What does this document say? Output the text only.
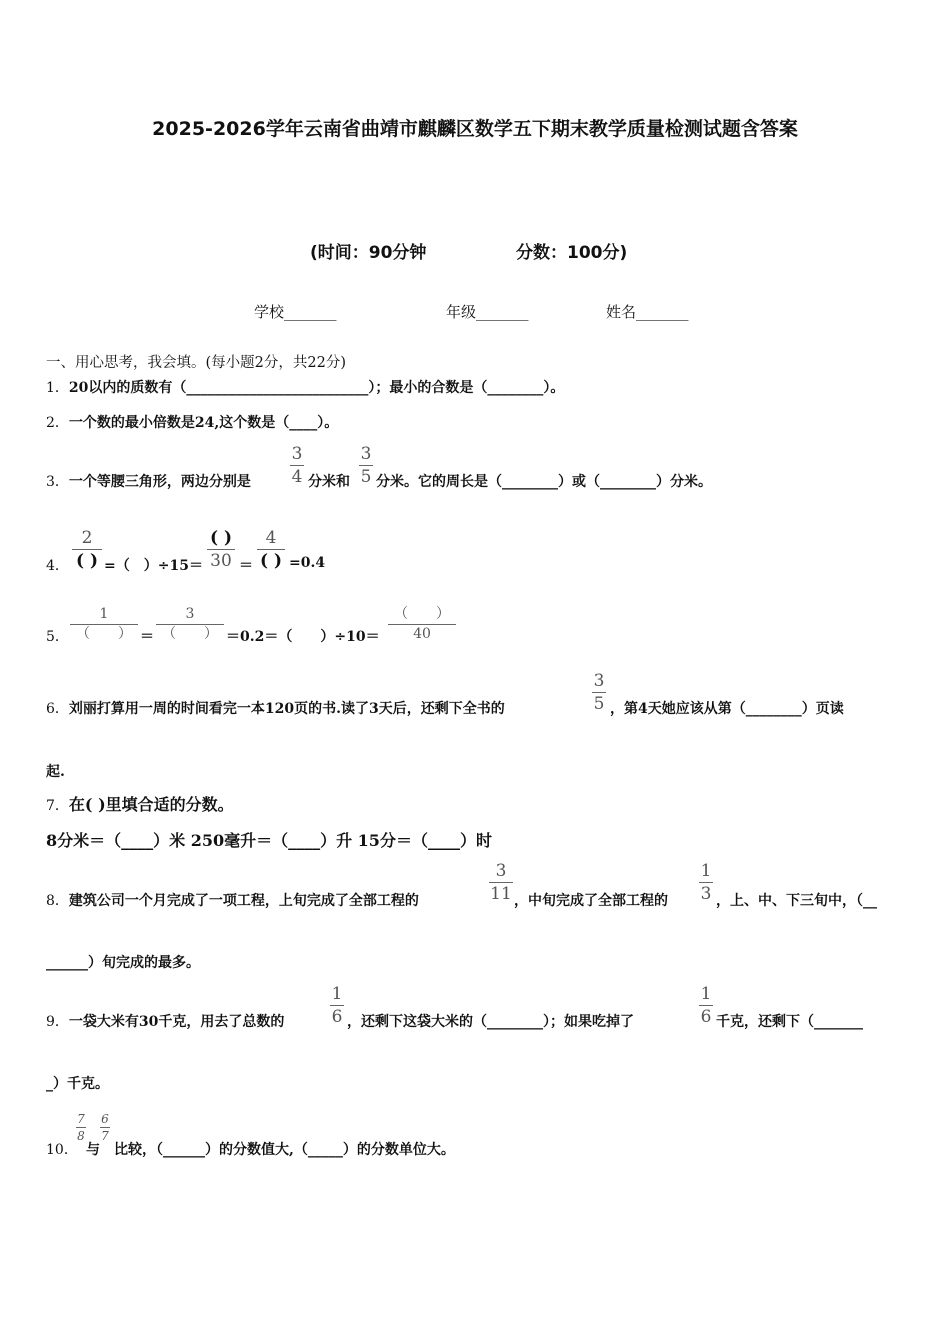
2025-2026学年云南省曲靖市麒麟区数学五下期末教学质量检测试题含答案
(时间：90分钟	分数：100分)
学校_______	年级_______	姓名_______
一、用心思考，我会填。(每小题2分，共22分)
1．20以内的质数有（__________________________）；最小的合数是（________）。
2．一个数的最小倍数是24,这个数是（____）。
3．一个等腰三角形，两边分别是
3
4 分米和
3
5 分米。它的周长是（________）或（________）分米。
4．
2
( ) =（　）÷15＝
( )
30 ＝
4
( ) =0.4
5．
1
（　　） ＝
3
（　　） ＝0.2＝（　　）÷10＝
（　　）
40
6．刘丽打算用一周的时间看完一本120页的书.读了3天后，还剩下全书的
3
5 ，第4天她应该从第（________）页读
起.
7．在( )里填合适的分数。
8分米＝（____）米 250毫升＝（____）升 15分＝（____）时
8．建筑公司一个月完成了一项工程，上旬完成了全部工程的
3
11 ，中旬完成了全部工程的
1
3 ，上、中、下三旬中，（__
______）旬完成的最多。
9．一袋大米有30千克，用去了总数的
1
6 ，还剩下这袋大米的（________）；如果吃掉了
1
6 千克，还剩下（_______
_）千克。
10．
7
8
与
6
7
比较，（______）的分数值大,（_____）的分数单位大。
